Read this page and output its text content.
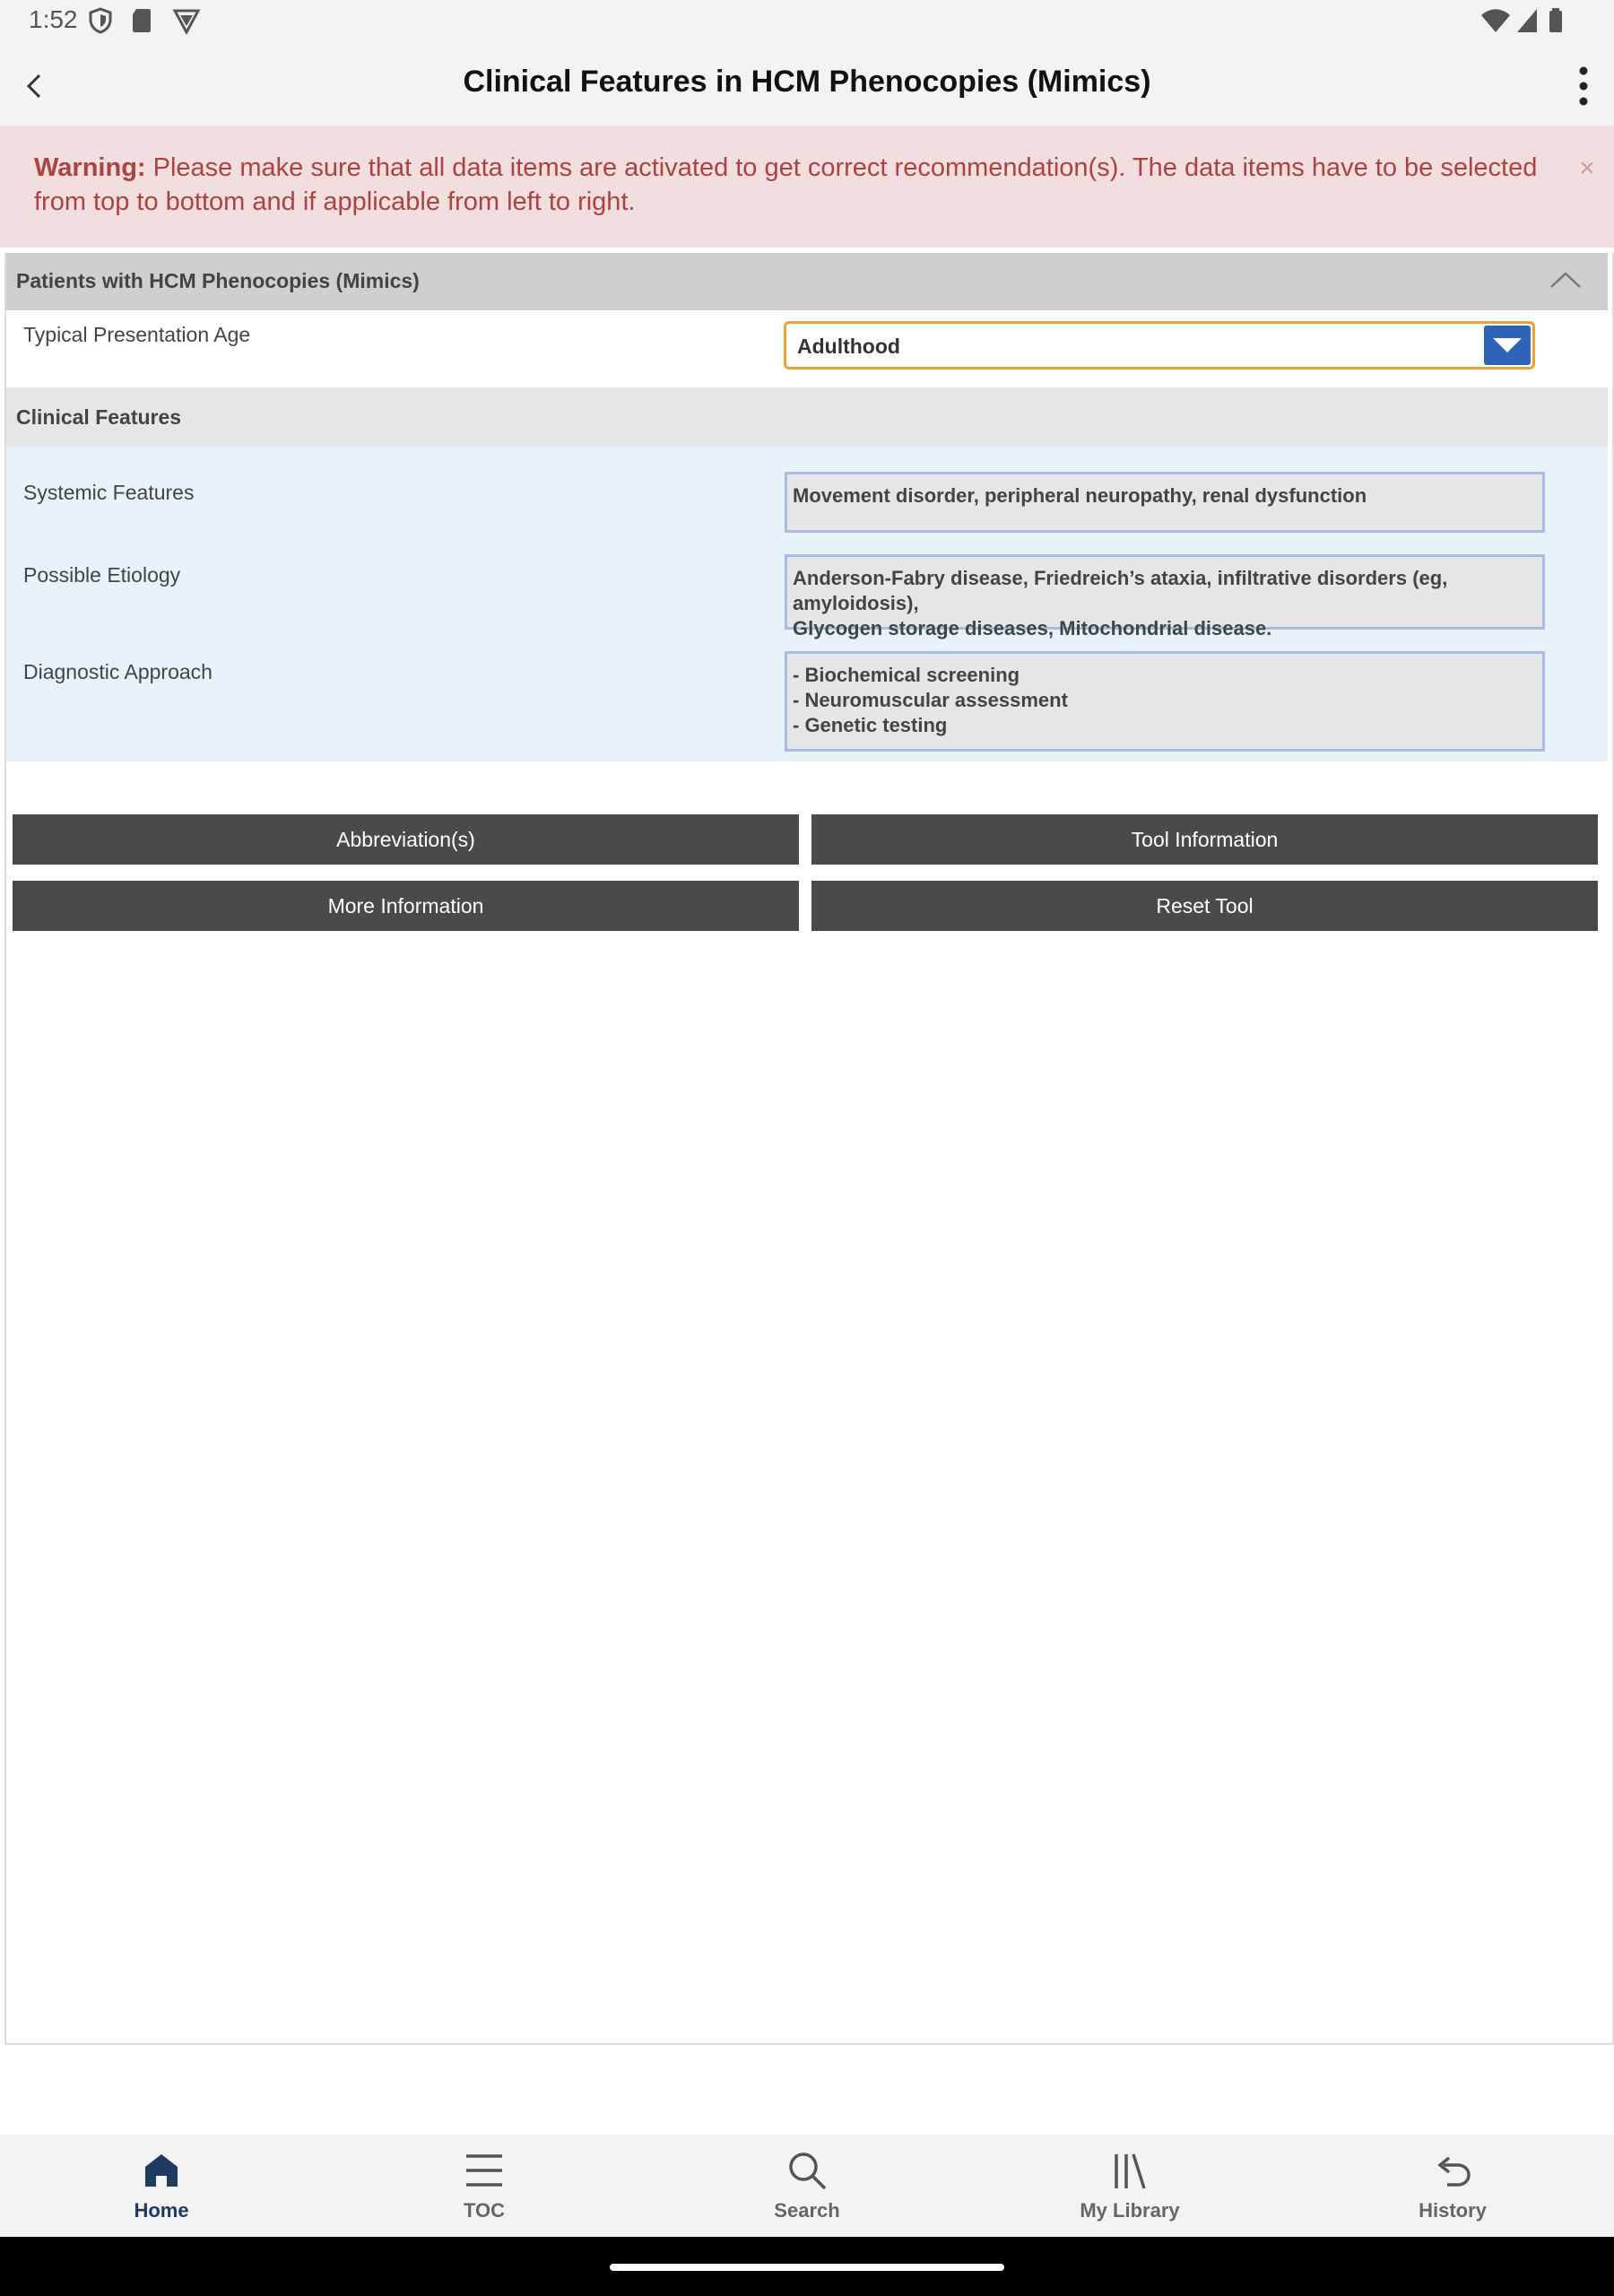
1:52
Clinical Features in HCM Phenocopies (Mimics)
Warning: Please make sure that all data items are activated to get correct recommendation(s). The data items have to be selected from top to bottom and if applicable from left to right.
×
Patients with HCM Phenocopies (Mimics)
Typical Presentation Age	Adulthood
Clinical Features
Systemic Features	Movement disorder, peripheral neuropathy, renal dysfunction
Possible Etiology	Anderson-Fabry disease, Friedreich’s ataxia, infiltrative disorders (eg, amyloidosis),
Glycogen storage diseases, Mitochondrial disease.
Diagnostic Approach	- Biochemical screening
- Neuromuscular assessment
- Genetic testing
Abbreviation(s)	Tool Information
More Information	Reset Tool
Home	TOC	Search	My Library	History
